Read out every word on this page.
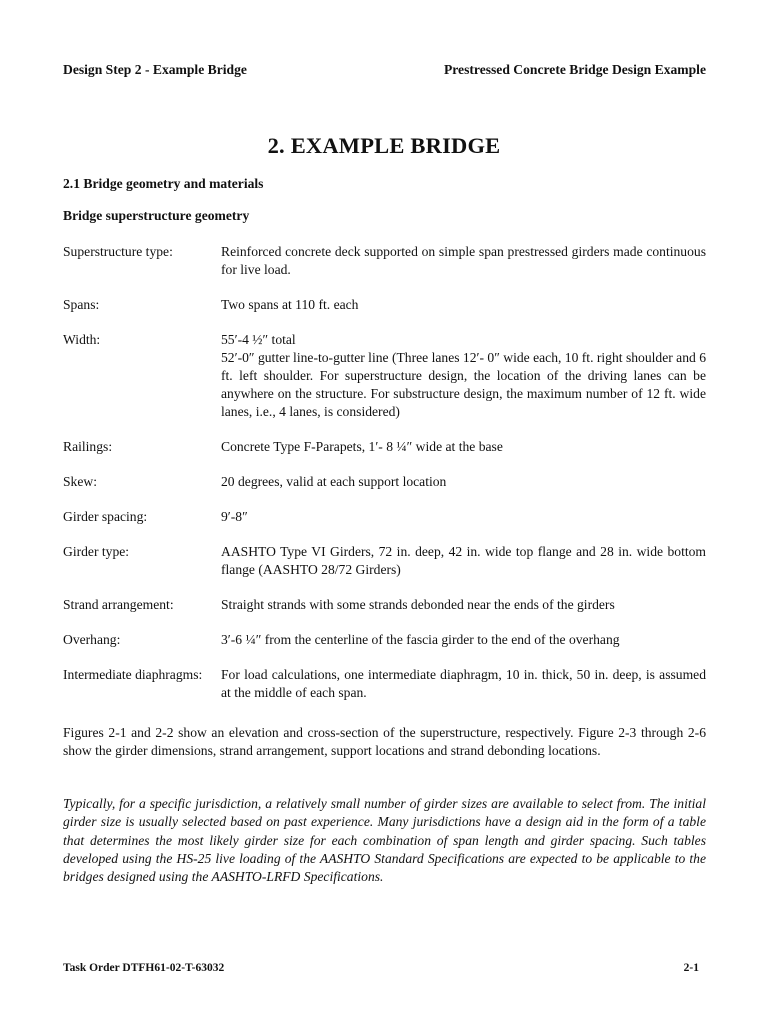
Design Step 2 - Example Bridge	Prestressed Concrete Bridge Design Example
2. EXAMPLE BRIDGE
2.1 Bridge geometry and materials
Bridge superstructure geometry
Superstructure type:	Reinforced concrete deck supported on simple span prestressed girders made continuous for live load.
Spans:	Two spans at 110 ft. each
Width:	55′-4 ½″ total
52′-0″ gutter line-to-gutter line (Three lanes 12′- 0″ wide each, 10 ft. right shoulder and 6 ft. left shoulder. For superstructure design, the location of the driving lanes can be anywhere on the structure. For substructure design, the maximum number of 12 ft. wide lanes, i.e., 4 lanes, is considered)
Railings:	Concrete Type F-Parapets, 1′- 8 ¼″ wide at the base
Skew:	20 degrees, valid at each support location
Girder spacing:	9′-8″
Girder type:	AASHTO Type VI Girders, 72 in. deep, 42 in. wide top flange and 28 in. wide bottom flange (AASHTO 28/72 Girders)
Strand arrangement:	Straight strands with some strands debonded near the ends of the girders
Overhang:	3′-6 ¼″ from the centerline of the fascia girder to the end of the overhang
Intermediate diaphragms:	For load calculations, one intermediate diaphragm, 10 in. thick, 50 in. deep, is assumed at the middle of each span.
Figures 2-1 and 2-2 show an elevation and cross-section of the superstructure, respectively. Figure 2-3 through 2-6 show the girder dimensions, strand arrangement, support locations and strand debonding locations.
Typically, for a specific jurisdiction, a relatively small number of girder sizes are available to select from. The initial girder size is usually selected based on past experience. Many jurisdictions have a design aid in the form of a table that determines the most likely girder size for each combination of span length and girder spacing. Such tables developed using the HS-25 live loading of the AASHTO Standard Specifications are expected to be applicable to the bridges designed using the AASHTO-LRFD Specifications.
Task Order DTFH61-02-T-63032	2-1
